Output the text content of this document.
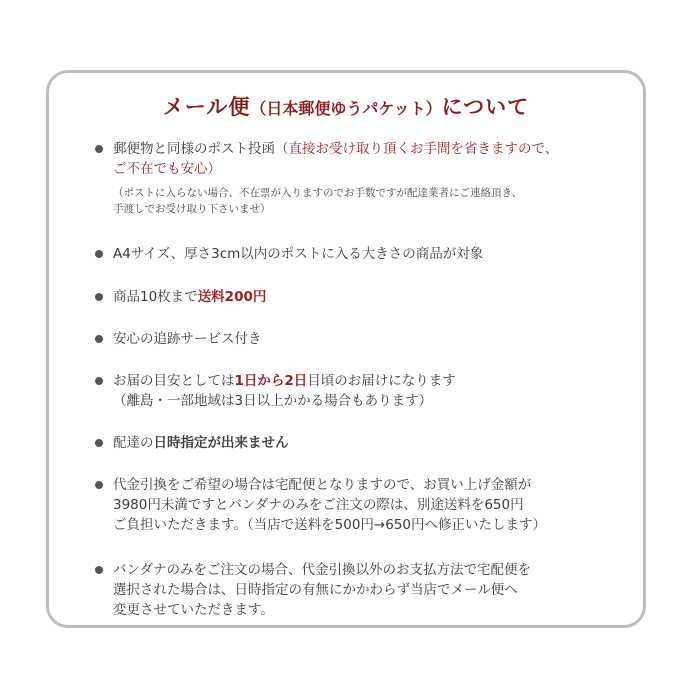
メール便（日本郵便ゆうパケット）について
郵便物と同様のポスト投函（直接お受け取り頂くお手間を省きますので、
ご不在でも安心）
（ポストに入らない場合、不在票が入りますのでお手数ですが配達業者にご連絡頂き、
手渡しでお受け取り下さいませ）
A4サイズ、厚さ3cm以内のポストに入る大きさの商品が対象
商品10枚まで送料200円
安心の追跡サービス付き
お届の目安としては1日から2日目頃のお届けになります
（離島・一部地域は3日以上かかる場合もあります）
配達の日時指定が出来ません
代金引換をご希望の場合は宅配便となりますので、お買い上げ金額が
3980円未満ですとバンダナのみをご注文の際は、別途送料を650円
ご負担いただきます。（当店で送料を500円→650円へ修正いたします）
バンダナのみをご注文の場合、代金引換以外のお支払方法で宅配便を
選択された場合は、日時指定の有無にかかわらず当店でメール便へ
変更させていただきます。
